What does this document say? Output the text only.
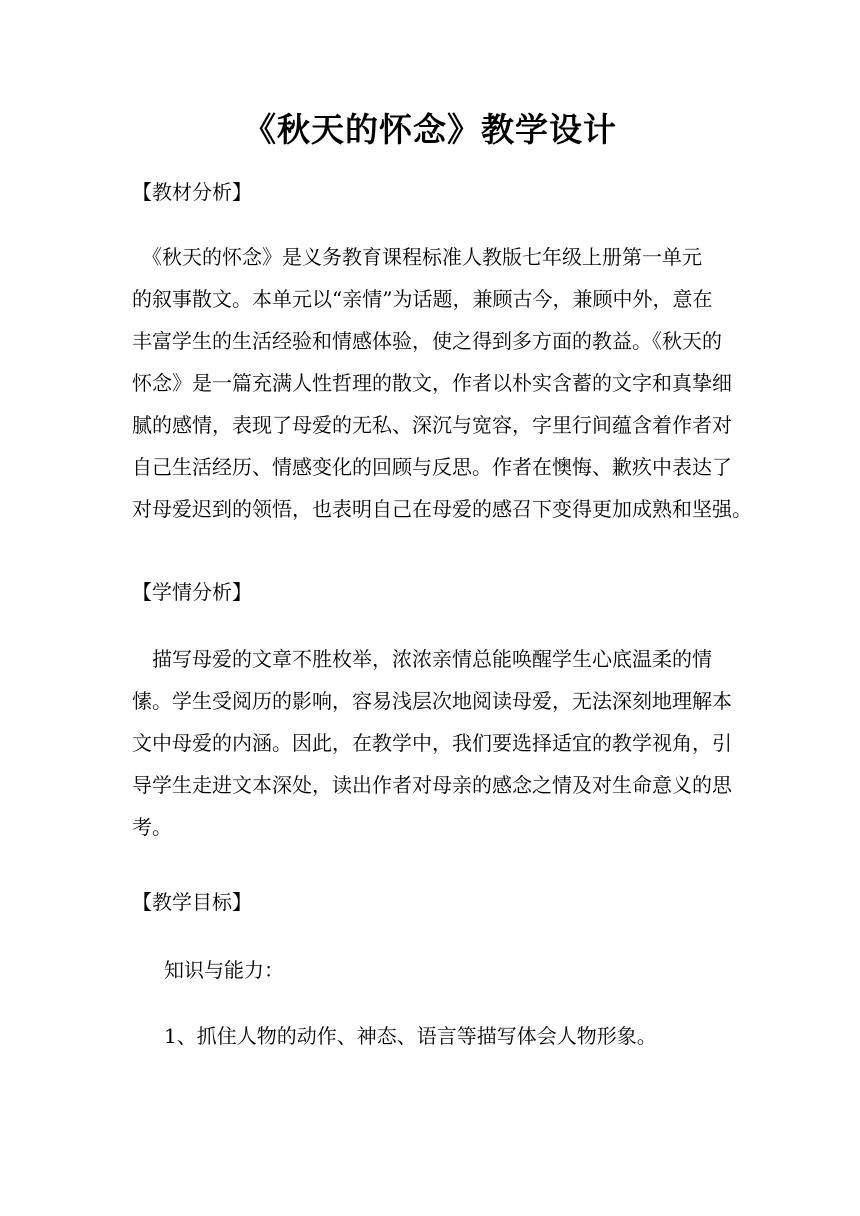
《秋天的怀念》教学设计
【教材分析】
　《秋天的怀念》是义务教育课程标准人教版七年级上册第一单元
的叙事散文。本单元以“亲情”为话题，兼顾古今，兼顾中外，意在
丰富学生的生活经验和情感体验，使之得到多方面的教益。《秋天的
怀念》是一篇充满人性哲理的散文，作者以朴实含蓄的文字和真挚细
腻的感情，表现了母爱的无私、深沉与宽容，字里行间蕴含着作者对
自己生活经历、情感变化的回顾与反思。作者在懊悔、歉疚中表达了
对母爱迟到的领悟，也表明自己在母爱的感召下变得更加成熟和坚强。
【学情分析】
　描写母爱的文章不胜枚举，浓浓亲情总能唤醒学生心底温柔的情
愫。学生受阅历的影响，容易浅层次地阅读母爱，无法深刻地理解本
文中母爱的内涵。因此，在教学中，我们要选择适宜的教学视角，引
导学生走进文本深处，读出作者对母亲的感念之情及对生命意义的思
考。
【教学目标】
知识与能力：
1、抓住人物的动作、神态、语言等描写体会人物形象。
